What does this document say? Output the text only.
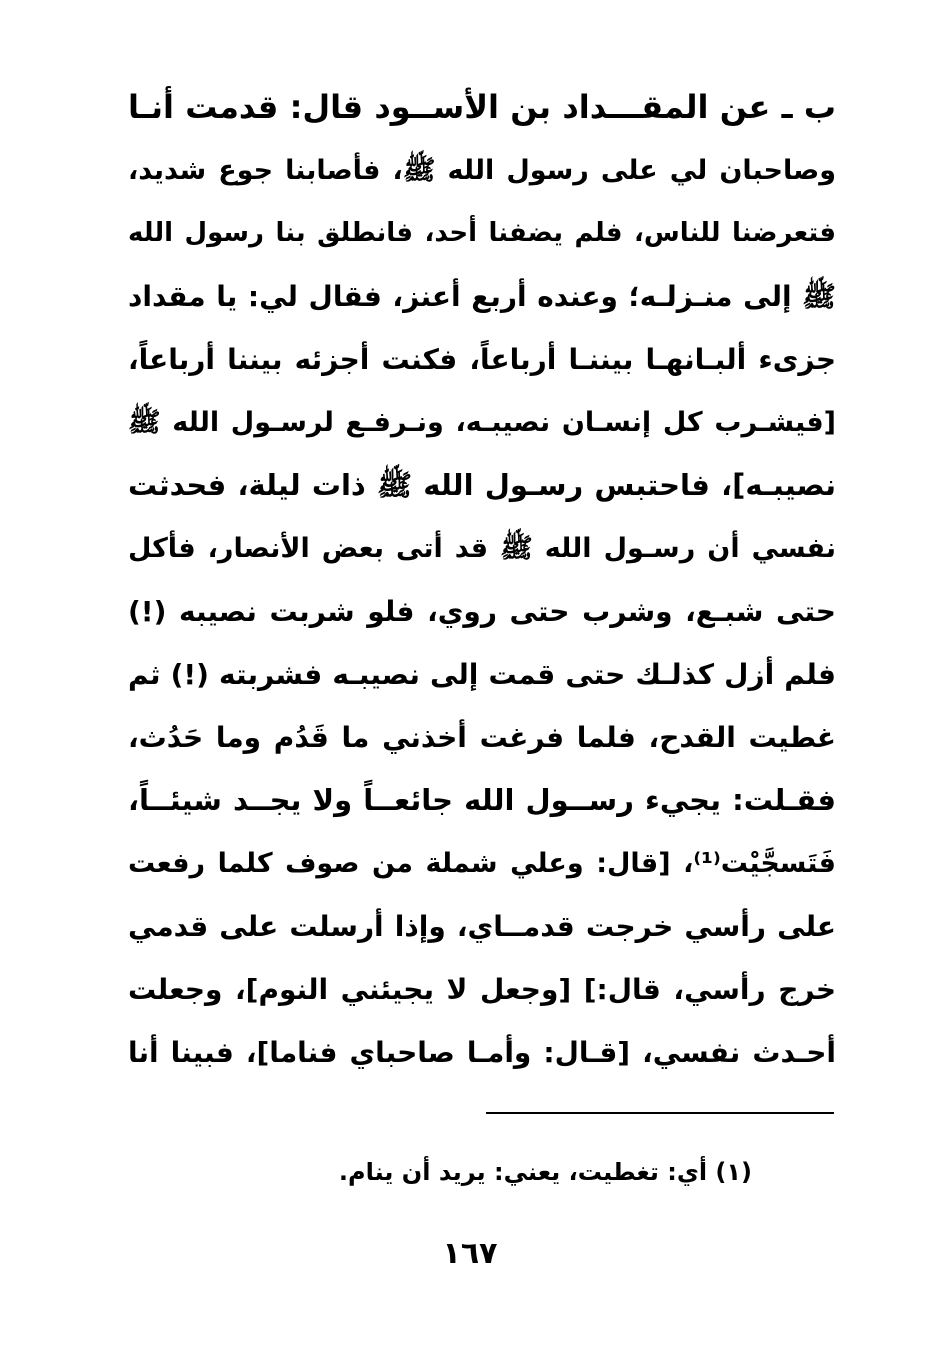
ب ـ عن المقـــداد بن الأســود قال: قدمت أنـا
وصاحبان لي على رسول الله ﷺ، فأصابنا جوع شديد،
فتعرضنا للناس، فلم يضفنا أحد، فانطلق بنا رسول الله
ﷺ إلى منـزلـه؛ وعنده أربع أعنز، فقال لي: يا مقداد
جزىء ألبـانهـا بيننـا أرباعاً، فكنت أجزئه بيننا أرباعاً،
[فيشـرب كل إنسـان نصيبـه، ونـرفـع لرسـول الله ﷺ
نصيبـه]، فاحتبس رسـول الله ﷺ ذات ليلة، فحدثت
نفسي أن رسـول الله ﷺ قد أتى بعض الأنصار، فأكل
حتى شبـع، وشرب حتى روي، فلو شربت نصيبه (!)
فلم أزل كذلـك حتى قمت إلى نصيبـه فشربته (!) ثم
غطيت القدح، فلما فرغت أخذني ما قَدُم وما حَدُث،
فقـلت: يجيء رســول الله جائعــاً ولا يجــد شيئــاً،
فَتَسجَّيْت⁽¹⁾، [قال: وعلي شملة من صوف كلما رفعت
على رأسي خرجت قدمــاي، وإذا أرسلت على قدمي
خرج رأسي، قال:] [وجعل لا يجيئني النوم]، وجعلت
أحـدث نفسي، [قـال: وأمـا صاحباي فناما]، فبينا أنا
(١) أي: تغطيت، يعني: يريد أن ينام.
١٦٧
